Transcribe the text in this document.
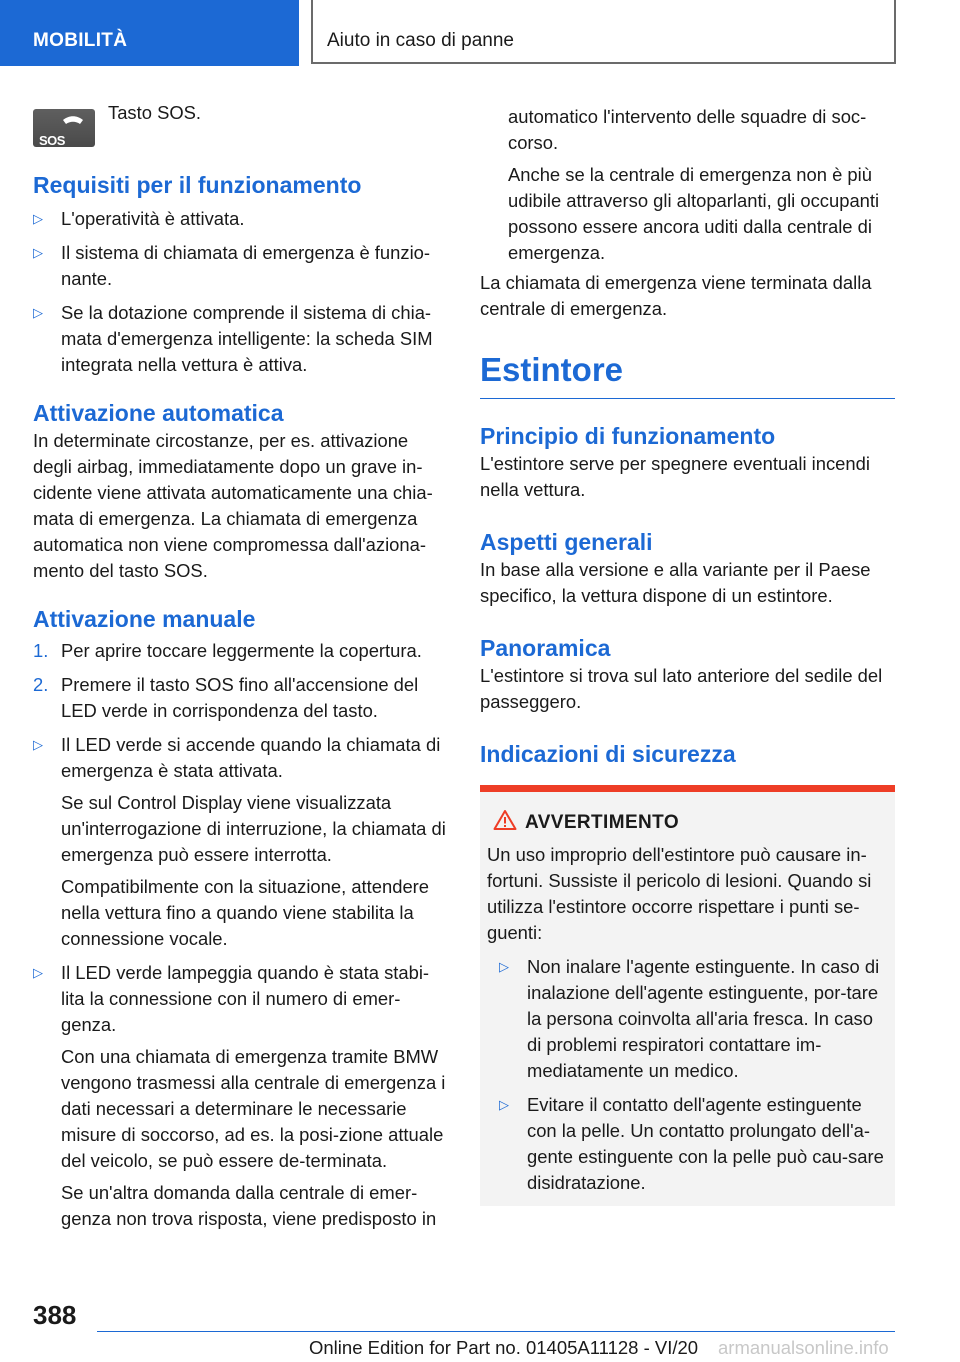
MOBILITÀ	Aiuto in caso di panne
SOS

Tasto SOS.

Requisiti per il funzionamento

▷ L'operatività è attivata.

▷ Il sistema di chiamata di emergenza è funzio-nante.

▷ Se la dotazione comprende il sistema di chia-mata d'emergenza intelligente: la scheda SIM integrata nella vettura è attiva.

Attivazione automatica

In determinate circostanze, per es. attivazione degli airbag, immediatamente dopo un grave in-cidente viene attivata automaticamente una chia-mata di emergenza. La chiamata di emergenza automatica non viene compromessa dall'aziona-mento del tasto SOS.

Attivazione manuale

1. Per aprire toccare leggermente la copertura.

2. Premere il tasto SOS fino all'accensione del LED verde in corrispondenza del tasto.

▷ Il LED verde si accende quando la chiamata di emergenza è stata attivata.

Se sul Control Display viene visualizzata un'interrogazione di interruzione, la chiamata di emergenza può essere interrotta.

Compatibilmente con la situazione, attendere nella vettura fino a quando viene stabilita la connessione vocale.

▷ Il LED verde lampeggia quando è stata stabi-lita la connessione con il numero di emer-genza.

Con una chiamata di emergenza tramite BMW vengono trasmessi alla centrale di emergenza i dati necessari a determinare le necessarie misure di soccorso, ad es. la posi-zione attuale del veicolo, se può essere de-terminata.

Se un'altra domanda dalla centrale di emer-genza non trova risposta, viene predisposto in

automatico l'intervento delle squadre di soc-corso.

Anche se la centrale di emergenza non è più udibile attraverso gli altoparlanti, gli occupanti possono essere ancora uditi dalla centrale di emergenza.

La chiamata di emergenza viene terminata dalla centrale di emergenza.

Estintore

Principio di funzionamento

L'estintore serve per spegnere eventuali incendi nella vettura.

Aspetti generali

In base alla versione e alla variante per il Paese specifico, la vettura dispone di un estintore.

Panoramica

L'estintore si trova sul lato anteriore del sedile del passeggero.

Indicazioni di sicurezza

AVVERTIMENTO

Un uso improprio dell'estintore può causare in-fortuni. Sussiste il pericolo di lesioni. Quando si utilizza l'estintore occorre rispettare i punti se-guenti:

▷ Non inalare l'agente estinguente. In caso di inalazione dell'agente estinguente, por-tare la persona coinvolta all'aria fresca. In caso di problemi respiratori contattare im-mediatamente un medico.

▷ Evitare il contatto dell'agente estinguente con la pelle. Un contatto prolungato dell'a-gente estinguente con la pelle può cau-sare disidratazione.

388
Online Edition for Part no. 01405A11128 - VI/20 armanualsonline.info
